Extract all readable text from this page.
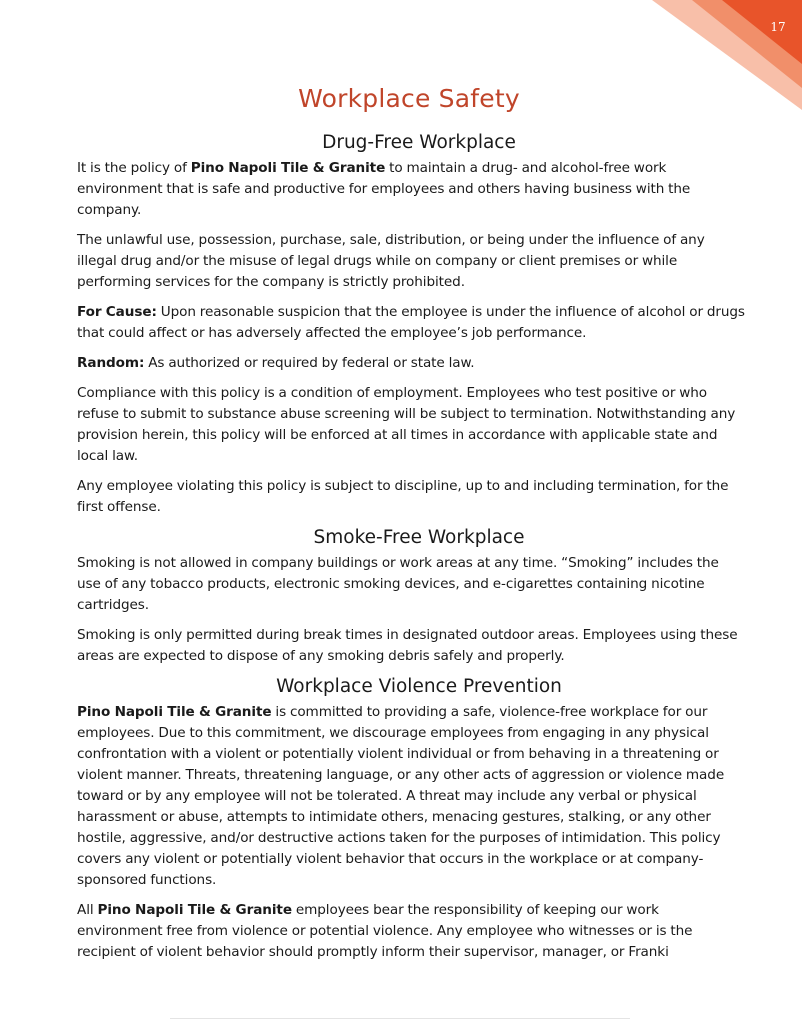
17
Workplace Safety
Drug-Free Workplace

It is the policy of Pino Napoli Tile & Granite to maintain a drug- and alcohol-free work environment that is safe and productive for employees and others having business with the company.

The unlawful use, possession, purchase, sale, distribution, or being under the influence of any illegal drug and/or the misuse of legal drugs while on company or client premises or while performing services for the company is strictly prohibited.

For Cause: Upon reasonable suspicion that the employee is under the influence of alcohol or drugs that could affect or has adversely affected the employee’s job performance.

Random: As authorized or required by federal or state law.

Compliance with this policy is a condition of employment. Employees who test positive or who refuse to submit to substance abuse screening will be subject to termination. Notwithstanding any provision herein, this policy will be enforced at all times in accordance with applicable state and local law.

Any employee violating this policy is subject to discipline, up to and including termination, for the first offense.

Smoke-Free Workplace

Smoking is not allowed in company buildings or work areas at any time. “Smoking” includes the use of any tobacco products, electronic smoking devices, and e-cigarettes containing nicotine cartridges.

Smoking is only permitted during break times in designated outdoor areas. Employees using these areas are expected to dispose of any smoking debris safely and properly.

Workplace Violence Prevention

Pino Napoli Tile & Granite is committed to providing a safe, violence-free workplace for our employees. Due to this commitment, we discourage employees from engaging in any physical confrontation with a violent or potentially violent individual or from behaving in a threatening or violent manner. Threats, threatening language, or any other acts of aggression or violence made toward or by any employee will not be tolerated. A threat may include any verbal or physical harassment or abuse, attempts to intimidate others, menacing gestures, stalking, or any other hostile, aggressive, and/or destructive actions taken for the purposes of intimidation. This policy covers any violent or potentially violent behavior that occurs in the workplace or at company-sponsored functions.

All Pino Napoli Tile & Granite employees bear the responsibility of keeping our work environment free from violence or potential violence. Any employee who witnesses or is the recipient of violent behavior should promptly inform their supervisor, manager, or Franki
